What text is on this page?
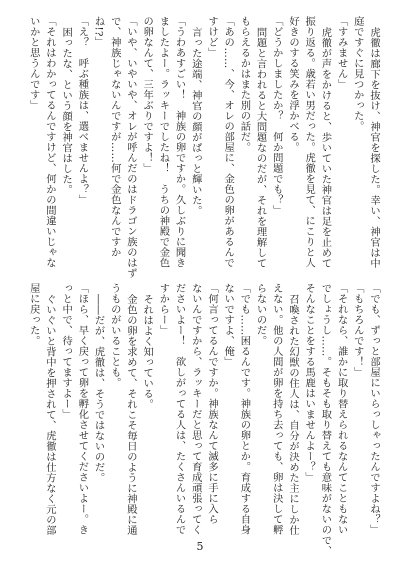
虎徹は廊下を抜け、神官を探した。幸い、神官は中
庭ですぐに見つかった。
「すみません」
虎徹が声をかけると、歩いていた神官は足を止めて
振り返る。歳若い男だった。虎徹を見て、にこりと人
好きのする笑みを浮かべる。
「どうかしましたか？　何か問題でも？」
問題と言われると大問題なのだが、それを理解して
もらえるかはまた別の話だ。
「あの……、今、オレの部屋に、金色の卵があるんで
すけど」
言った途端、神官の顔がぱっと輝いた。
「うわあすごい！　神族の卵ですか。久しぶりに聞き
ましたよー。ラッキーでしたね！　うちの神殿で金色
の卵なんて、三年ぶりですよ！」
「いや、いやいや、オレが呼んだのはドラゴン族のはず
で、神族じゃないんですが……何で金色なんですか
ね!?」
「え？　呼ぶ種族は、選べませんよ？」
困ったな、という顔を神官はした。
「それはわかってるんですけど、何かの間違いじゃな
いかと思うんです」
「でも、ずっと部屋にいらっしゃったんですよね？」
「もちろんです！」
「それなら、誰かに取り替えられるなんてこともない
でしょうし……。そもそも取り替えても意味がないので、
そんなことをする馬鹿はいませんよー？」
召喚された幻獣の住人は、自分が決めた主にしか仕
えない。他の人間が卵を持ち去っても、卵は決して孵
らないのだ。
「でも……困るんです。神族の卵とか。育成する自身
ないですよ、俺」
「何言ってるんですか。神族なんて滅多に手に入ら
ないんですから、ラッキーだと思って育成頑張ってく
ださいよー！　欲しがってる人は、たくさんいるんで
すからー」
それはよく知っている。
金色の卵を求めて、それこそ毎日のように神殿に通
うものがいることも。
――だが、虎徹は、そうではないのだ。
「ほら、早く戻って卵を孵化させてくださいよー。き
っと中で、待ってますよー」
ぐいぐいと背中を押されて、虎徹は仕方なく元の部
屋に戻った。
5
